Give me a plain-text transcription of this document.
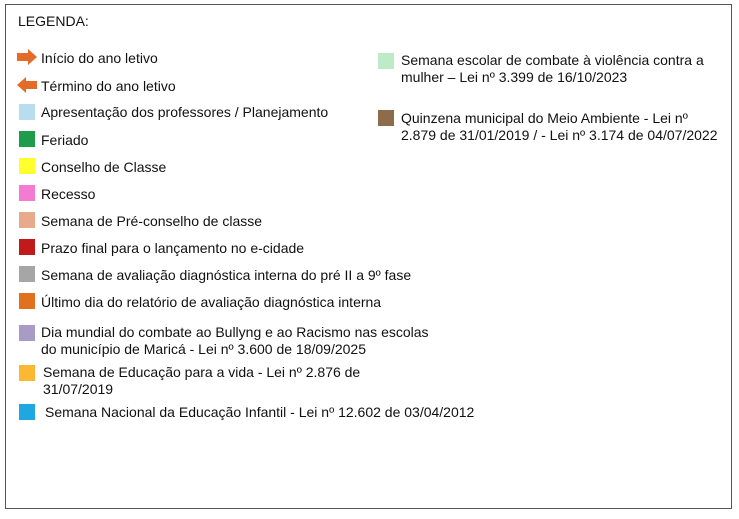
LEGENDA:
Início do ano letivo
Término do ano letivo
Apresentação dos professores / Planejamento
Feriado
Conselho de Classe
Recesso
Semana de Pré-conselho de classe
Prazo final para o lançamento no e-cidade
Semana de avaliação diagnóstica interna do pré II a 9º fase
Último dia do relatório de avaliação diagnóstica interna
Dia mundial do combate ao Bullyng e ao Racismo nas escolas
do município de Maricá - Lei nº 3.600 de 18/09/2025
Semana de Educação para a vida - Lei nº 2.876 de
31/07/2019
Semana Nacional da Educação Infantil - Lei nº 12.602 de 03/04/2012
Semana escolar de combate à violência contra a
mulher – Lei nº 3.399 de 16/10/2023
Quinzena municipal do Meio Ambiente - Lei nº
2.879 de 31/01/2019 / - Lei nº 3.174 de 04/07/2022
